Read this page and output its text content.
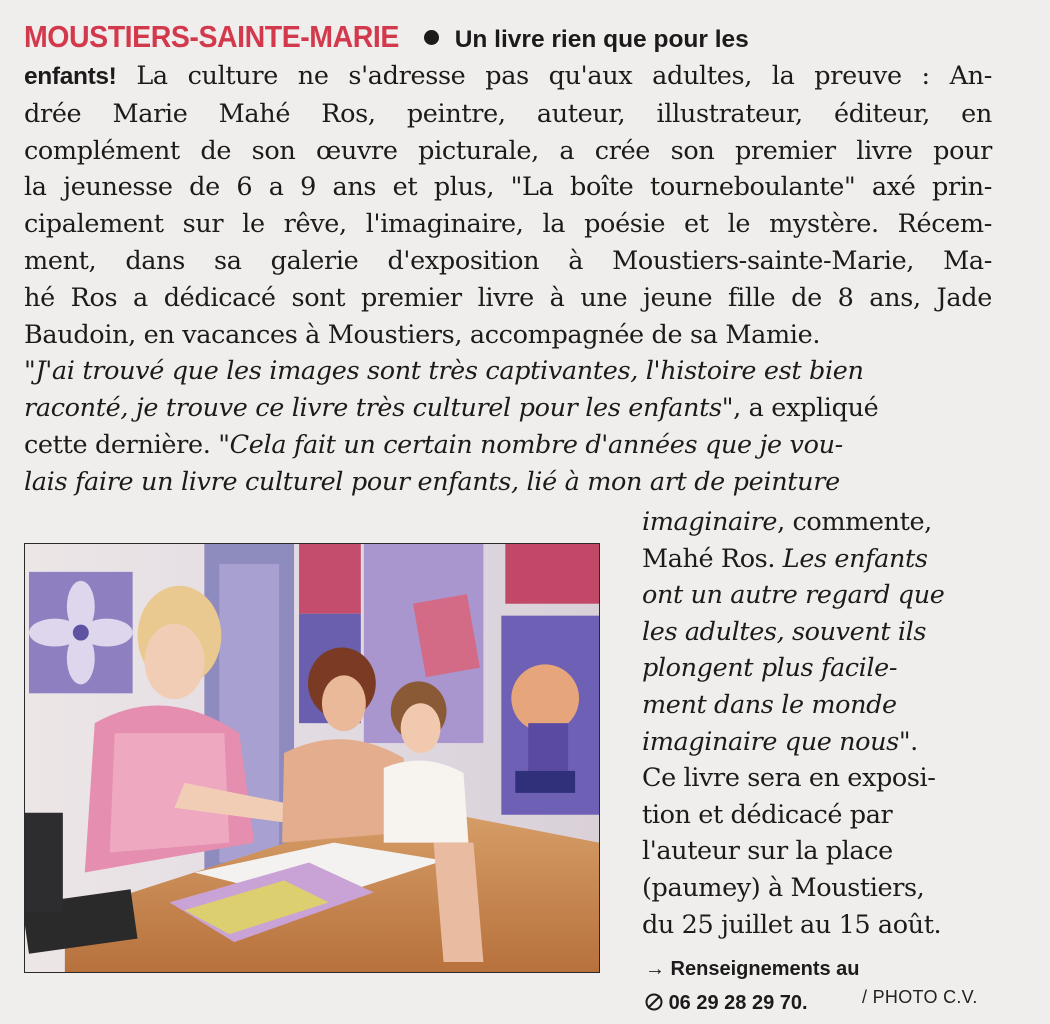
MOUSTIERS-SAINTE-MARIE Un livre rien que pour les
enfants! La culture ne s'adresse pas qu'aux adultes, la preuve : An-
drée Marie Mahé Ros, peintre, auteur, illustrateur, éditeur, en
complément de son œuvre picturale, a crée son premier livre pour
la jeunesse de 6 a 9 ans et plus, "La boîte tourneboulante" axé prin-
cipalement sur le rêve, l'imaginaire, la poésie et le mystère. Récem-
ment, dans sa galerie d'exposition à Moustiers-sainte-Marie, Ma-
hé Ros a dédicacé sont premier livre à une jeune fille de 8 ans, Jade
Baudoin, en vacances à Moustiers, accompagnée de sa Mamie.
"J'ai trouvé que les images sont très captivantes, l'histoire est bien
raconté, je trouve ce livre très culturel pour les enfants", a expliqué
cette dernière. "Cela fait un certain nombre d'années que je vou-
lais faire un livre culturel pour enfants, lié à mon art de peinture
imaginaire, commente,
Mahé Ros. Les enfants
ont un autre regard que
les adultes, souvent ils
plongent plus facile-
ment dans le monde
imaginaire que nous".
Ce livre sera en exposi-
tion et dédicacé par
l'auteur sur la place
(paumey) à Moustiers,
du 25 juillet au 15 août.
→ Renseignements au
06 29 28 29 70.	/ PHOTO C.V.
